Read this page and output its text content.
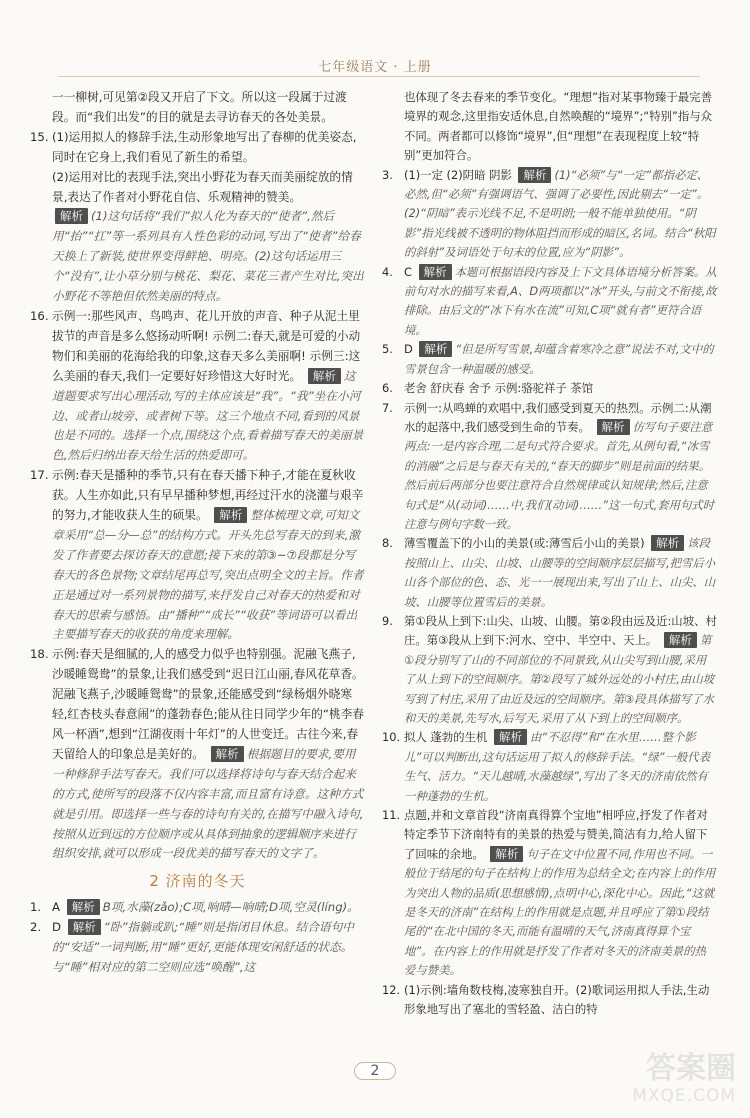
七年级语文 · 上册

一一柳树,可见第②段又开启了下文。所以这一段属于过渡段。而“我们出发”的目的就是去寻访春天的各处美景。

15. (1)运用拟人的修辞手法,生动形象地写出了春柳的优美姿态,同时在它身上,我们看见了新生的希望。

(2)运用对比的表现手法,突出小野花为春天而美丽绽放的情景,表达了作者对小野花自信、乐观精神的赞美。

解析 (1)这句话将“我们”拟人化为春天的“使者”,然后用“抬”“扛”等一系列具有人性色彩的动词,写出了“使者”给春天换上了新装,使世界变得鲜艳、明亮。(2)这句话运用三个“没有”,让小草分别与桃花、梨花、菜花三者产生对比,突出小野花不等艳但依然美丽的特点。

16. 示例一:那些风声、鸟鸣声、花儿开放的声音、种子从泥土里拔节的声音是多么悠扬动听啊! 示例二:春天,就是可爱的小动物们和美丽的花海给我的印象,这春天多么美丽啊! 示例三:这么美丽的春天,我们一定要好好珍惜这大好时光。 解析 这道题要求写出心理活动,写的主体应该是“我”。“我”坐在小河边、或者山坡旁、或者树下等。这三个地点不同,看到的风景也是不同的。选择一个点,围绕这个点,看着描写春天的美丽景色,然后归纳出春天给生活的热爱即可。
17. 示例:春天是播种的季节,只有在春天播下种子,才能在夏秋收获。人生亦如此,只有早早播种梦想,再经过汗水的浇灌与艰辛的努力,才能收获人生的硕果。 解析 整体梳理文章,可知文章采用“总—分—总”的结构方式。开头先总写春天的到来,激发了作者要去探访春天的意愿;接下来的第③~⑦段都是分写春天的各色景物;文章结尾再总写,突出点明全文的主旨。作者正是通过对一系列景物的描写,来抒发自己对春天的热爱和对春天的思索与感悟。由“播种”“成长”“收获”等词语可以看出主要描写春天的收获的角度来理解。
18. 示例:春天是细腻的,人的感受力似乎也特别强。泥融飞燕子,沙暖睡鸳鸯”的景象,让我们感受到“迟日江山丽,春风花草香。泥融飞燕子,沙暖睡鸳鸯”的景象,还能感受到“绿杨烟外晓寒轻,红杏枝头春意闹”的蓬勃春色;能从往日同学少年的“桃李春风一杯酒”,想到“江湖夜雨十年灯”的人世变迁。古往今来,春天留给人的印象总是美好的。 解析 根据题目的要求,要用一种修辞手法写春天。我们可以选择将诗句与春天结合起来的方式,使所写的段落不仅内容丰富,而且富有诗意。这种方式就是引用。即选择一些与春的诗句有关的,在描写中融入诗句,按照从近到远的方位顺序或从具体到抽象的逻辑顺序来进行组织安排,就可以形成一段优美的描写春天的文字了。
2 济南的冬天
1. A 解析 B项,水藻(zǎo);C项,响晴—响晴;D项,空灵(líng)。
2. D 解析 “卧”指躺或趴;“睡”则是指闭目休息。结合语句中的“安适”一词判断,用“睡”更好,更能体现安闲舒适的状态。与“睡”相对应的第二空则应选“唤醒”,这

也体现了冬去春来的季节变化。“理想”指对某事物臻于最完善境界的观念,这里指安适休息,自然唤醒的“境界”;“特别”指与众不同。两者都可以修饰“境界”,但“理想”在表现程度上较“特别”更加符合。

3. (1)一定 (2)阴暗 阴影 解析 (1)“必须”与“一定”都指必定、必然,但“必须”有强调语气、强调了必要性,因此剔去“一定”。(2)“阴暗”表示光线不足,不是明朗;一般不能单独使用。“阴影”指光线被不透明的物体阻挡而形成的暗区,名词。结合“秋阳的斜射”及词语处于句末的位置,应为“阴影”。
4. C 解析 本题可根据语段内容及上下文具体语境分析答案。从前句对水的描写来看,A、D两项都以“冰”开头,与前文不衔接,故排除。由后文的“冰下有水在流”可知,C项“就有者”更符合语境。
5. D 解析 “但是所写雪景,却蕴含着寒冷之意”说法不对,文中的雪景包含一种温暖的感受。
6. 老舍 舒庆春 舍予 示例:骆驼祥子 茶馆
7. 示例一:从鸣蝉的欢唱中,我们感受到夏天的热烈。示例二:从潮水的起落中,我们感受到生命的节奏。 解析 仿写句子要注意两点:一是内容合理,二是句式符合要求。首先,从例句看,“冰雪的消融”之后是与春天有关的,“春天的脚步”则是前面的结果。然后前后两部分也要注意符合自然规律或认知规律;然后,注意句式是“从(动词)……中,我们(动词)……”这一句式,套用句式时注意与例句字数一致。
8. 薄雪覆盖下的小山的美景(或:薄雪后小山的美景) 解析 该段按照山上、山尖、山坡、山腰等的空间顺序层层描写,把雪后小山各个部位的色、态、光一一展现出来,写出了山上、山尖、山坡、山腰等位置雪后的美景。
9. 第①段从上到下:山尖、山坡、山腰。第②段由远及近:山坡、村庄。第③段从上到下:河水、空中、半空中、天上。 解析 第①段分别写了山的不同部位的不同景致,从山尖写到山腰,采用了从上到下的空间顺序。第②段写了城外远处的小村庄,由山坡写到了村庄,采用了由近及远的空间顺序。第③段具体描写了水和天的美景,先写水,后写天,采用了从下到上的空间顺序。
10. 拟人 蓬勃的生机 解析 由“不忍得”和“在水里……整个影儿”可以判断出,这句话运用了拟人的修辞手法。“绿”一般代表生气、活力。“天儿越晴,水藻越绿”,写出了冬天的济南依然有一种蓬勃的生机。
11. 点题,并和文章首段“济南真得算个宝地”相呼应,抒发了作者对特定季节下济南特有的美景的热爱与赞美,简洁有力,给人留下了回味的余地。 解析 句子在文中位置不同,作用也不同。一般位于结尾的句子在结构上的作用为总结全文;在内容上的作用为突出人物的品质(思想感情),点明中心,深化中心。因此,“这就是冬天的济南”在结构上的作用就是点题,并且呼应了第①段结尾的“在北中国的冬天,而能有温晴的天气,济南真得算个宝地”。在内容上的作用就是抒发了作者对冬天的济南美景的热爱与赞美。
12. (1)示例:墙角数枝梅,凌寒独自开。(2)歌词运用拟人手法,生动形象地写出了塞北的雪轻盈、洁白的特
2	答案圈
MXQE.COM
